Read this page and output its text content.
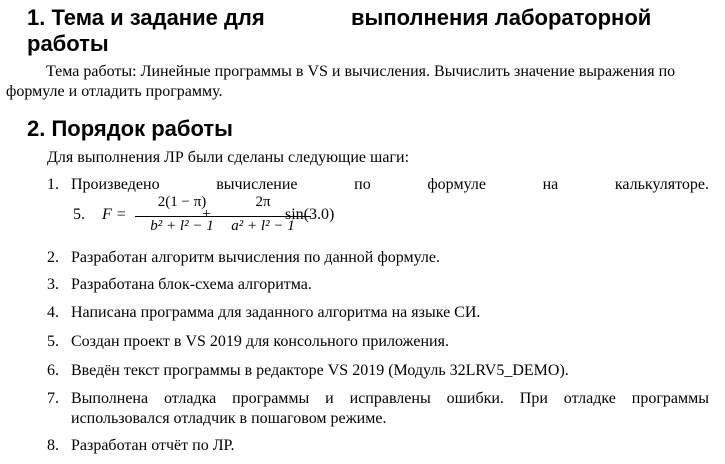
1. Тема и задание для	выполнения лабораторной
работы

Тема работы: Линейные программы в VS и вычисления. Вычислить значение выражения по формуле и отладить программу.

2. Порядок работы
Для выполнения ЛР были сделаны следующие шаги:
1. Произведено	вычисление	по	формуле	на	калькуляторе.
5. F =
2(1 − π)
b² + l² − 1
+
2π
a² + l² − 1
sin(3.0)
2. Разработан алгоритм вычисления по данной формуле.
3. Разработана блок-схема алгоритма.
4. Написана программа для заданного алгоритма на языке СИ.
5. Создан проект в VS 2019 для консольного приложения.
6. Введён текст программы в редакторе VS 2019 (Модуль 32LRV5_DEMO).
7. Выполнена отладка программы и исправлены ошибки. При отладке программы использовался отладчик в пошаговом режиме.
8. Разработан отчёт по ЛР.
